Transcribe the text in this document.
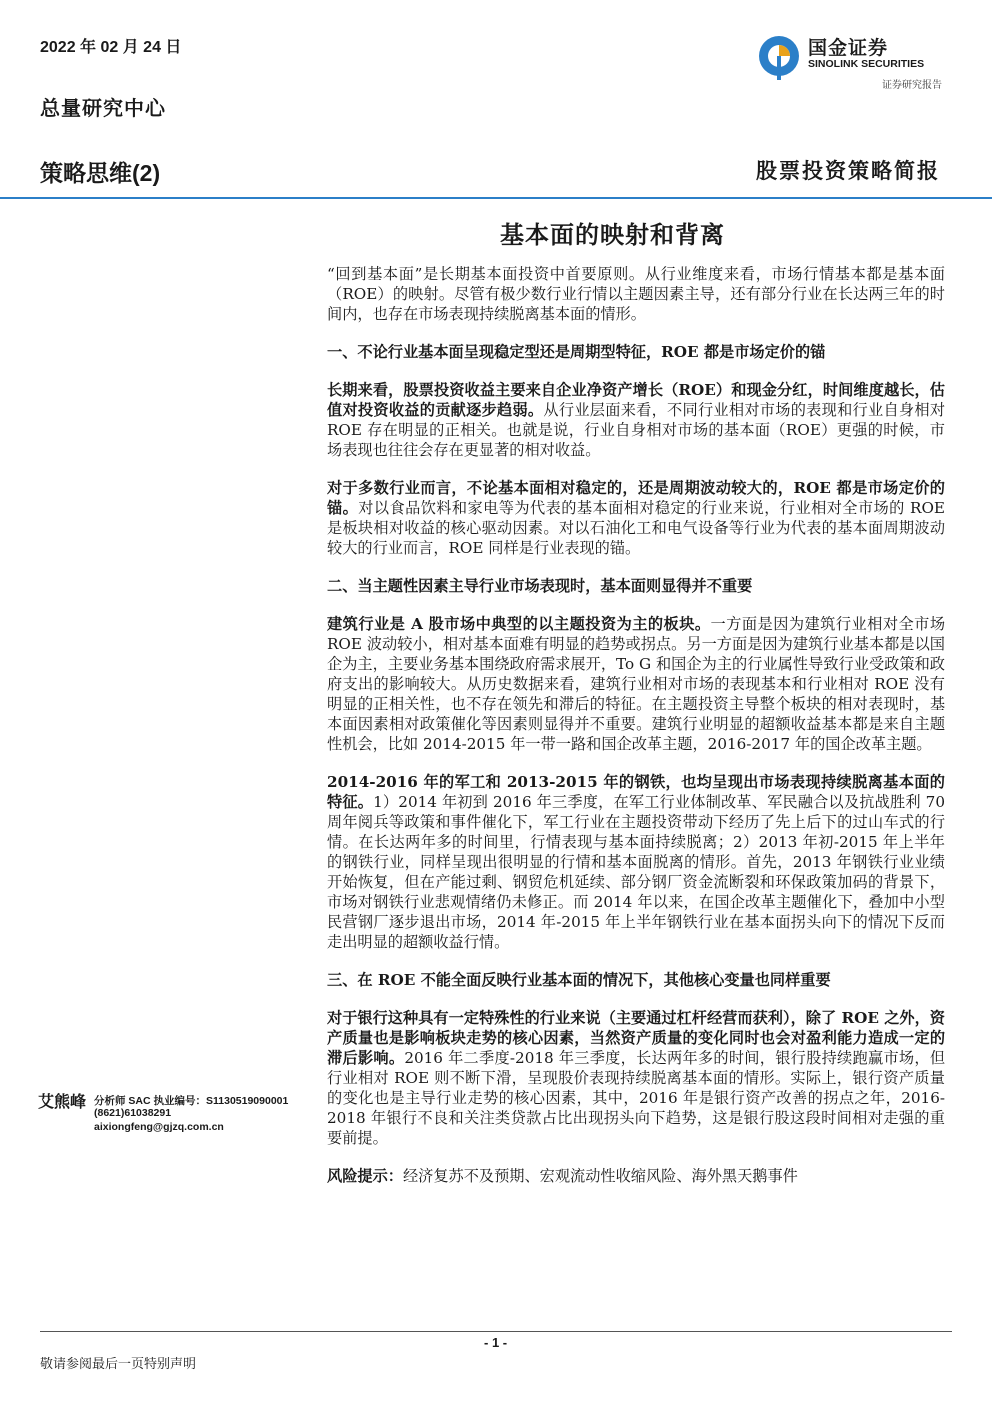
2022 年 02 月 24 日
总量研究中心
策略思维(2)	股票投资策略简报
国金证券
SINOLINK SECURITIES
证券研究报告
基本面的映射和背离

“回到基本面”是长期基本面投资中首要原则。从行业维度来看，市场行情基本都是基本面（ROE）的映射。尽管有极少数行业行情以主题因素主导，还有部分行业在长达两三年的时间内，也存在市场表现持续脱离基本面的情形。

一、不论行业基本面呈现稳定型还是周期型特征，ROE 都是市场定价的锚

长期来看，股票投资收益主要来自企业净资产增长（ROE）和现金分红，时间维度越长，估值对投资收益的贡献逐步趋弱。从行业层面来看，不同行业相对市场的表现和行业自身相对 ROE 存在明显的正相关。也就是说，行业自身相对市场的基本面（ROE）更强的时候，市场表现也往往会存在更显著的相对收益。

对于多数行业而言，不论基本面相对稳定的，还是周期波动较大的，ROE 都是市场定价的锚。对以食品饮料和家电等为代表的基本面相对稳定的行业来说，行业相对全市场的 ROE 是板块相对收益的核心驱动因素。对以石油化工和电气设备等行业为代表的基本面周期波动较大的行业而言，ROE 同样是行业表现的锚。

二、当主题性因素主导行业市场表现时，基本面则显得并不重要

建筑行业是 A 股市场中典型的以主题投资为主的板块。一方面是因为建筑行业相对全市场 ROE 波动较小，相对基本面难有明显的趋势或拐点。另一方面是因为建筑行业基本都是以国企为主，主要业务基本围绕政府需求展开，To G 和国企为主的行业属性导致行业受政策和政府支出的影响较大。从历史数据来看，建筑行业相对市场的表现基本和行业相对 ROE 没有明显的正相关性，也不存在领先和滞后的特征。在主题投资主导整个板块的相对表现时，基本面因素相对政策催化等因素则显得并不重要。建筑行业明显的超额收益基本都是来自主题性机会，比如 2014-2015 年一带一路和国企改革主题，2016-2017 年的国企改革主题。

2014-2016 年的军工和 2013-2015 年的钢铁，也均呈现出市场表现持续脱离基本面的特征。1）2014 年初到 2016 年三季度，在军工行业体制改革、军民融合以及抗战胜利 70 周年阅兵等政策和事件催化下，军工行业在主题投资带动下经历了先上后下的过山车式的行情。在长达两年多的时间里，行情表现与基本面持续脱离；2）2013 年初-2015 年上半年的钢铁行业，同样呈现出很明显的行情和基本面脱离的情形。首先，2013 年钢铁行业业绩开始恢复，但在产能过剩、钢贸危机延续、部分钢厂资金流断裂和环保政策加码的背景下，市场对钢铁行业悲观情绪仍未修正。而 2014 年以来，在国企改革主题催化下，叠加中小型民营钢厂逐步退出市场，2014 年-2015 年上半年钢铁行业在基本面拐头向下的情况下反而走出明显的超额收益行情。

三、在 ROE 不能全面反映行业基本面的情况下，其他核心变量也同样重要

对于银行这种具有一定特殊性的行业来说（主要通过杠杆经营而获利），除了 ROE 之外，资产质量也是影响板块走势的核心因素，当然资产质量的变化同时也会对盈利能力造成一定的滞后影响。2016 年二季度-2018 年三季度，长达两年多的时间，银行股持续跑赢市场，但行业相对 ROE 则不断下滑，呈现股价表现持续脱离基本面的情形。实际上，银行资产质量的变化也是主导行业走势的核心因素，其中，2016 年是银行资产改善的拐点之年，2016-2018 年银行不良和关注类贷款占比出现拐头向下趋势，这是银行股这段时间相对走强的重要前提。

风险提示：经济复苏不及预期、宏观流动性收缩风险、海外黑天鹅事件

艾熊峰 分析师 SAC 执业编号：S1130519090001
(8621)61038291
aixiongfeng@gjzq.com.cn
- 1 -
敬请参阅最后一页特别声明
